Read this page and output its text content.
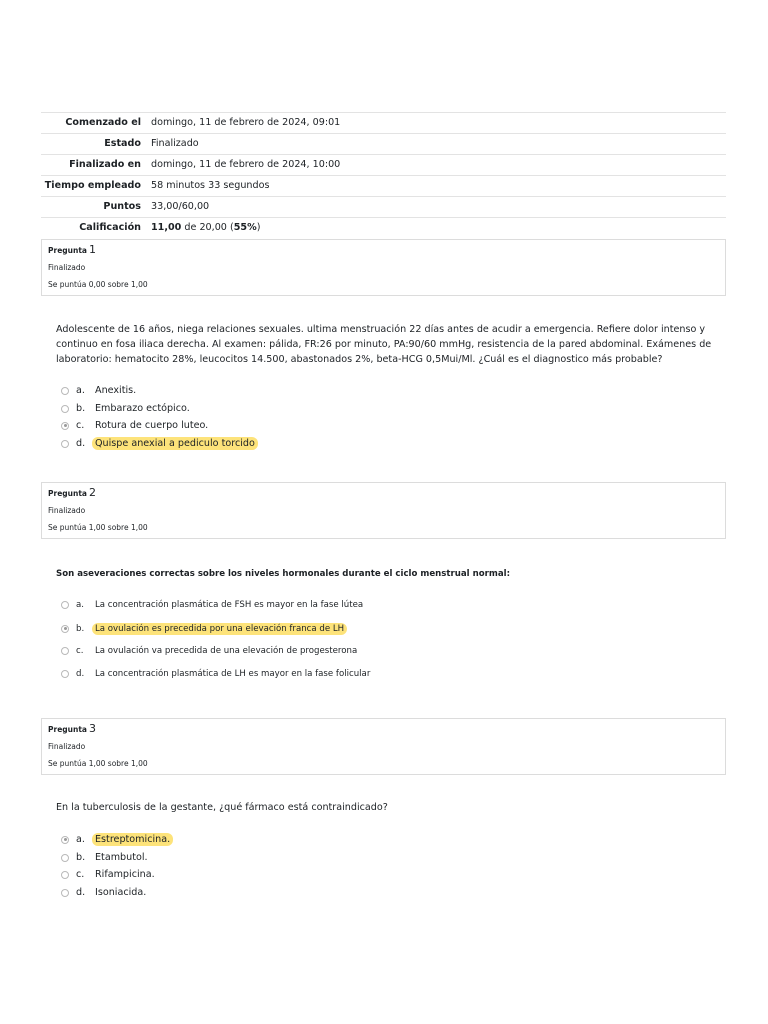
Comenzado el	domingo, 11 de febrero de 2024, 09:01
Estado	Finalizado
Finalizado en	domingo, 11 de febrero de 2024, 10:00
Tiempo empleado	58 minutos 33 segundos
Puntos	33,00/60,00
Calificación	11,00 de 20,00 (55%)
Pregunta 1
Finalizado
Se puntúa 0,00 sobre 1,00
Adolescente de 16 años, niega relaciones sexuales. ultima menstruación 22 días antes de acudir a emergencia. Refiere dolor intenso y continuo en fosa iliaca derecha. Al examen: pálida, FR:26 por minuto, PA:90/60 mmHg, resistencia de la pared abdominal. Exámenes de laboratorio: hematocito 28%, leucocitos 14.500, abastonados 2%, beta-HCG 0,5Mui/Ml. ¿Cuál es el diagnostico más probable?
a.	Anexitis.
b.	Embarazo ectópico.
c.	Rotura de cuerpo luteo.
d.	Quispe anexial a pediculo torcido
Pregunta 2
Finalizado
Se puntúa 1,00 sobre 1,00
Son aseveraciones correctas sobre los niveles hormonales durante el ciclo menstrual normal:
a.	La concentración plasmática de FSH es mayor en la fase lútea
b.	La ovulación es precedida por una elevación franca de LH
c.	La ovulación va precedida de una elevación de progesterona
d.	La concentración plasmática de LH es mayor en la fase folicular
Pregunta 3
Finalizado
Se puntúa 1,00 sobre 1,00
En la tuberculosis de la gestante, ¿qué fármaco está contraindicado?
a.	Estreptomicina.
b.	Etambutol.
c.	Rifampicina.
d.	Isoniacida.
